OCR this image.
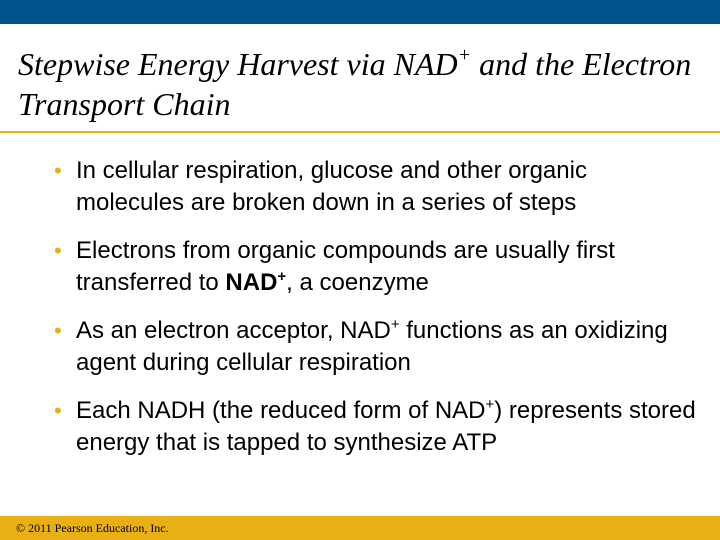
Stepwise Energy Harvest via NAD+ and the Electron Transport Chain
• In cellular respiration, glucose and other organic molecules are broken down in a series of steps
• Electrons from organic compounds are usually first transferred to NAD+, a coenzyme
• As an electron acceptor, NAD+ functions as an oxidizing agent during cellular respiration
• Each NADH (the reduced form of NAD+) represents stored energy that is tapped to synthesize ATP
© 2011 Pearson Education, Inc.
